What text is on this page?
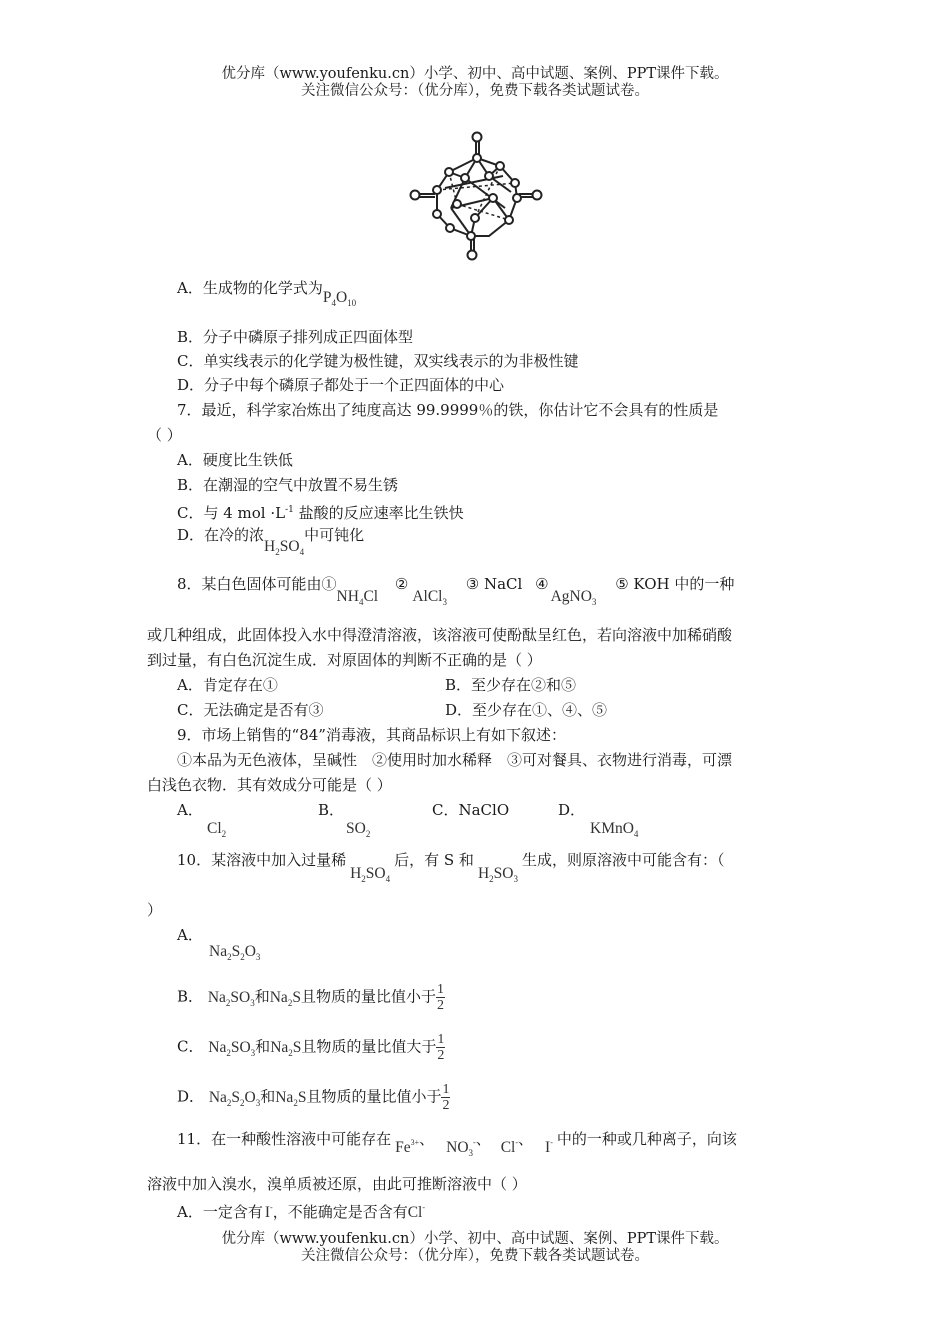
优分库（www.youfenku.cn）小学、初中、高中试题、案例、PPT课件下载。
关注微信公众号：（优分库），免费下载各类试题试卷。
A．生成物的化学式为$P_4O_{10}$
B．分子中磷原子排列成正四面体型
C．单实线表示的化学键为极性键，双实线表示的为非极性键
D．分子中每个磷原子都处于一个正四面体的中心
7．最近，科学家冶炼出了纯度高达 99.9999％的铁，你估计它不会具有的性质是
（ ）
A．硬度比生铁低
B．在潮湿的空气中放置不易生锈
C．与 4 mol $\cdot L^{-1}$ 盐酸的反应速率比生铁快
D．在冷的浓$H_2SO_4$中可钝化
8．某白色固体可能由$①NH_4Cl$ ②AlCl$_3$ ③ NaCl ④AgNO$_3$ ⑤ KOH 中的一种
或几种组成，此固体投入水中得澄清溶液，该溶液可使酚酞呈红色，若向溶液中加稀硝酸
到过量，有白色沉淀生成．对原固体的判断不正确的是（ ）
A．肯定存在①	B．至少存在②和⑤
C．无法确定是否有③	D．至少存在①、④、⑤
9．市场上销售的“84”消毒液，其商品标识上有如下叙述：
①本品为无色液体，呈碱性　②使用时加水稀释　③可对餐具、衣物进行消毒，可漂
白浅色衣物．其有效成分可能是（ ）
A．
$Cl_2$
B．
$SO_2$
C．NaClO	D．
KMnO$_4$
10．某溶液中加入过量稀$H_2SO_4$后，有 S 和$H_2SO_3$生成，则原溶液中可能含有：（
）
A．
$Na_2S_2O_3$
B． $Na_2SO_3$和$Na_2S$且物质的量比值小于 $\frac{1}{2}$
C． $Na_2SO_3$和$Na_2S$且物质的量比值大于 $\frac{1}{2}$
D． $Na_2S_2O_3$和$Na_2S$且物质的量比值小于 $\frac{1}{2}$
11．在一种酸性溶液中可能存在 $Fe^{3+}$、 $NO_3^-$、 Cl-、 I- 中的一种或几种离子，向该
溶液中加入溴水，溴单质被还原，由此可推断溶液中（ ）
A．一定含有 I-，不能确定是否含有Cl-
优分库（www.youfenku.cn）小学、初中、高中试题、案例、PPT课件下载。
关注微信公众号：（优分库），免费下载各类试题试卷。
